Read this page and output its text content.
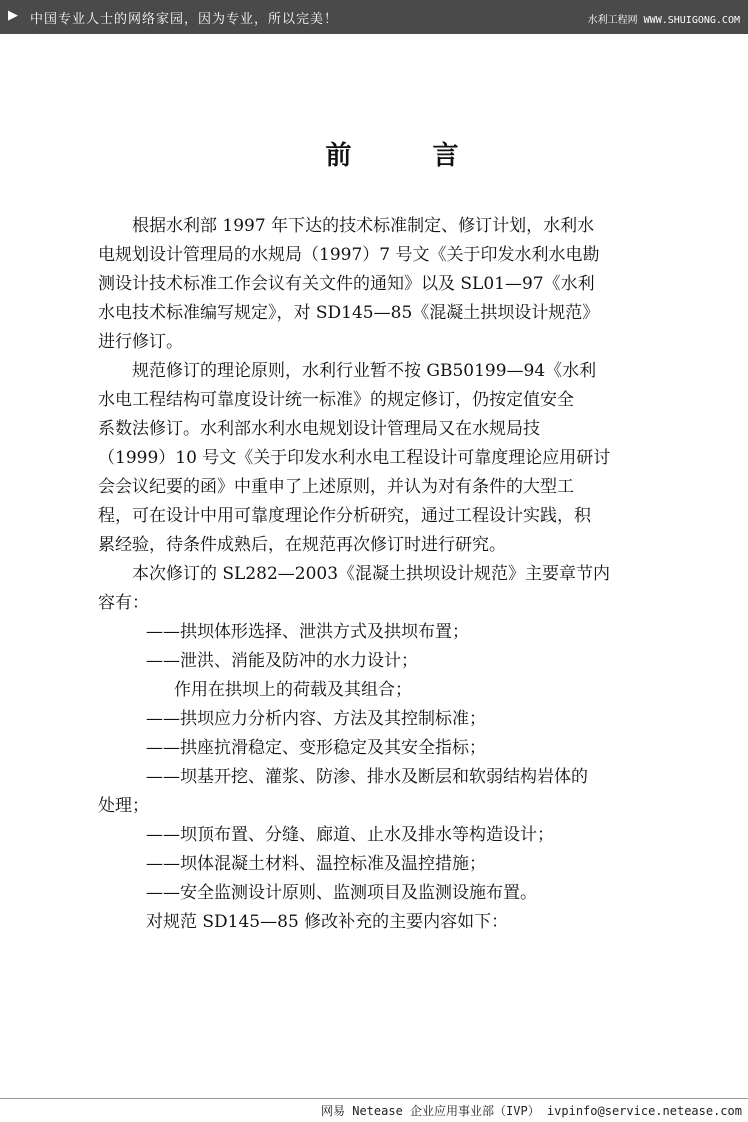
▶ 中国专业人士的网络家园，因为专业，所以完美！	水利工程网 WWW.SHUIGONG.COM
前 言
根据水利部 1997 年下达的技术标准制定、修订计划，水利水
电规划设计管理局的水规局（1997）7 号文《关于印发水利水电勘
测设计技术标准工作会议有关文件的通知》以及 SL01—97《水利
水电技术标准编写规定》，对 SD145—85《混凝土拱坝设计规范》
进行修订。
规范修订的理论原则，水利行业暂不按 GB50199—94《水利
水电工程结构可靠度设计统一标准》的规定修订，仍按定值安全
系数法修订。水利部水利水电规划设计管理局又在水规局技
（1999）10 号文《关于印发水利水电工程设计可靠度理论应用研讨
会会议纪要的函》中重申了上述原则，并认为对有条件的大型工
程，可在设计中用可靠度理论作分析研究，通过工程设计实践，积
累经验，待条件成熟后，在规范再次修订时进行研究。
本次修订的 SL282—2003《混凝土拱坝设计规范》主要章节内
容有：
——拱坝体形选择、泄洪方式及拱坝布置；
——泄洪、消能及防冲的水力设计；
作用在拱坝上的荷载及其组合；
——拱坝应力分析内容、方法及其控制标准；
——拱座抗滑稳定、变形稳定及其安全指标；
——坝基开挖、灌浆、防渗、排水及断层和软弱结构岩体的
处理；
——坝顶布置、分缝、廊道、止水及排水等构造设计；
——坝体混凝土材料、温控标准及温控措施；
——安全监测设计原则、监测项目及监测设施布置。
对规范 SD145—85 修改补充的主要内容如下：
网易 Netease 企业应用事业部（IVP） ivpinfo@service.netease.com
